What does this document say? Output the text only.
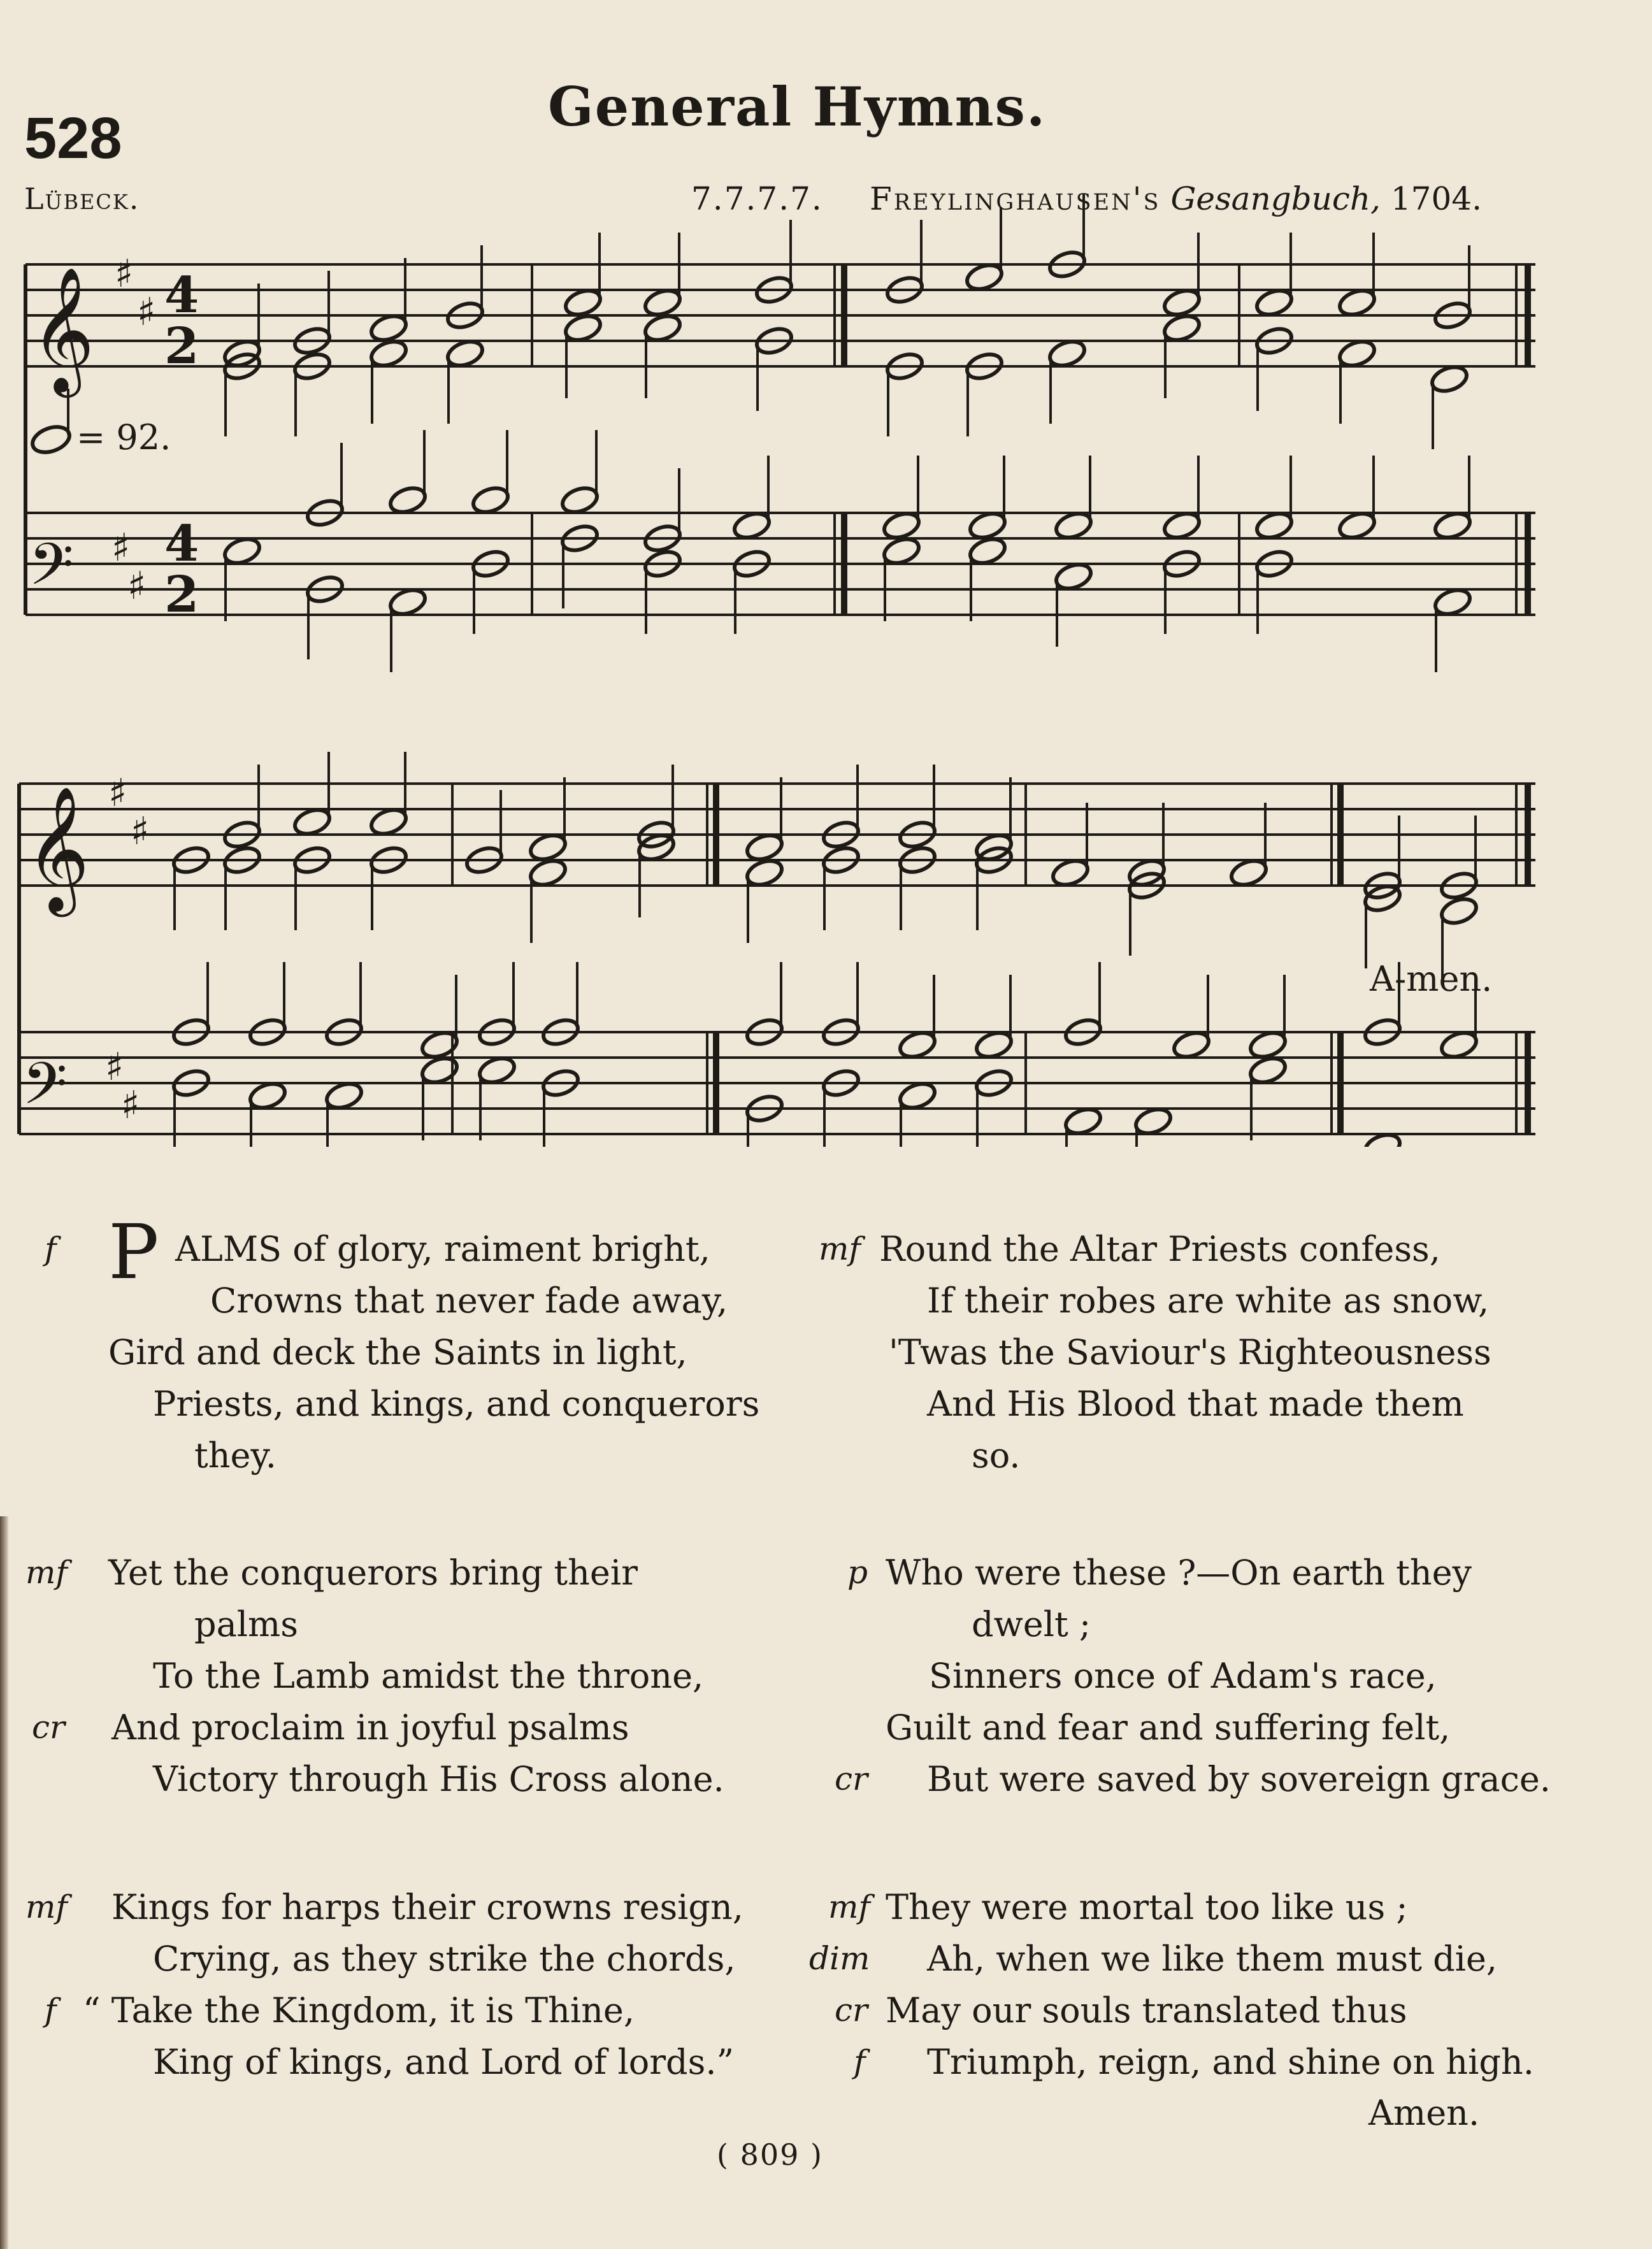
528	General Hymns.
Lübeck.	7.7.7.7. Freylinghausen's Gesangbuch, 1704.
𝄞
𝄢
𝄞
𝄢
♯
♯
♯
♯
♯
♯
♯
♯
4
2
4
2
= 92.
A-men.
P ALMS of glory, raiment bright,
Crowns that never fade away,
Gird and deck the Saints in light,
Priests, and kings, and conquerors
they.
f	Round the Altar Priests confess,
If their robes are white as snow,
'Twas the Saviour's Righteousness
And His Blood that made them
so.
mf
Yet the conquerors bring their
palms
To the Lamb amidst the throne,
And proclaim in joyful psalms
Victory through His Cross alone.
mf
cr
Who were these ?—On earth they
dwelt ;
Sinners once of Adam's race,
Guilt and fear and suffering felt,
But were saved by sovereign grace.
p
cr
Kings for harps their crowns resign,
Crying, as they strike the chords,
“ Take the Kingdom, it is Thine,
King of kings, and Lord of lords.”
mf
f
They were mortal too like us ;
Ah, when we like them must die,
May our souls translated thus
Triumph, reign, and shine on high.
mf
dim
cr
f
Amen.
( 809 )
